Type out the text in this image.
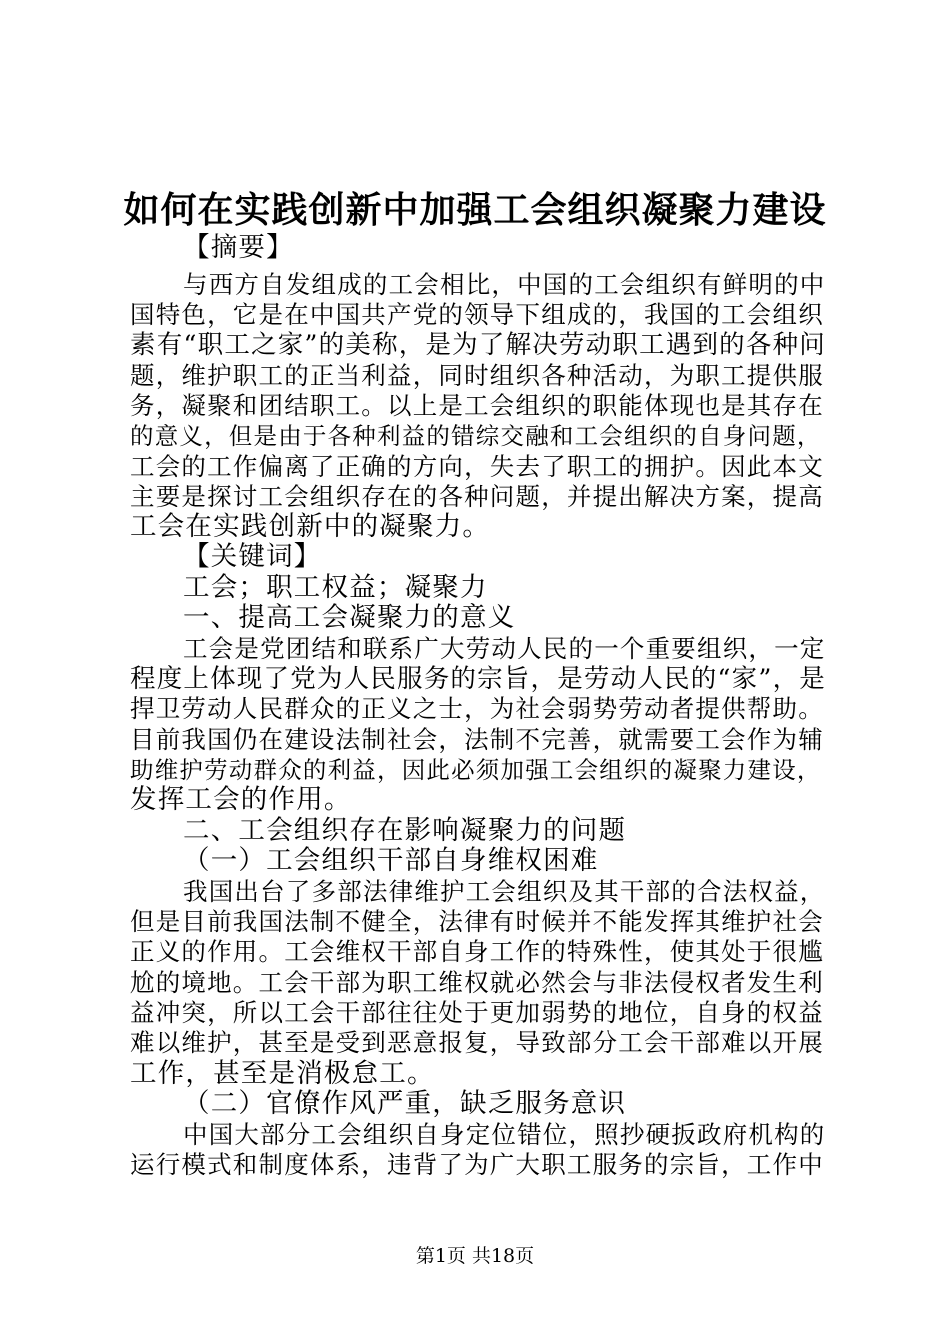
如何在实践创新中加强工会组织凝聚力建设
【摘要】
与西方自发组成的工会相比，中国的工会组织有鲜明的中
国特色，它是在中国共产党的领导下组成的，我国的工会组织
素有“职工之家”的美称，是为了解决劳动职工遇到的各种问
题，维护职工的正当利益，同时组织各种活动，为职工提供服
务，凝聚和团结职工。以上是工会组织的职能体现也是其存在
的意义，但是由于各种利益的错综交融和工会组织的自身问题，
工会的工作偏离了正确的方向，失去了职工的拥护。因此本文
主要是探讨工会组织存在的各种问题，并提出解决方案，提高
工会在实践创新中的凝聚力。
【关键词】
工会；职工权益；凝聚力
一、提高工会凝聚力的意义
工会是党团结和联系广大劳动人民的一个重要组织，一定
程度上体现了党为人民服务的宗旨，是劳动人民的“家”，是
捍卫劳动人民群众的正义之士，为社会弱势劳动者提供帮助。
目前我国仍在建设法制社会，法制不完善，就需要工会作为辅
助维护劳动群众的利益，因此必须加强工会组织的凝聚力建设，
发挥工会的作用。
二、工会组织存在影响凝聚力的问题
（一）工会组织干部自身维权困难
我国出台了多部法律维护工会组织及其干部的合法权益，
但是目前我国法制不健全，法律有时候并不能发挥其维护社会
正义的作用。工会维权干部自身工作的特殊性，使其处于很尴
尬的境地。工会干部为职工维权就必然会与非法侵权者发生利
益冲突，所以工会干部往往处于更加弱势的地位，自身的权益
难以维护，甚至是受到恶意报复，导致部分工会干部难以开展
工作，甚至是消极怠工。
（二）官僚作风严重，缺乏服务意识
中国大部分工会组织自身定位错位，照抄硬扳政府机构的
运行模式和制度体系，违背了为广大职工服务的宗旨，工作中
第1页 共18页
